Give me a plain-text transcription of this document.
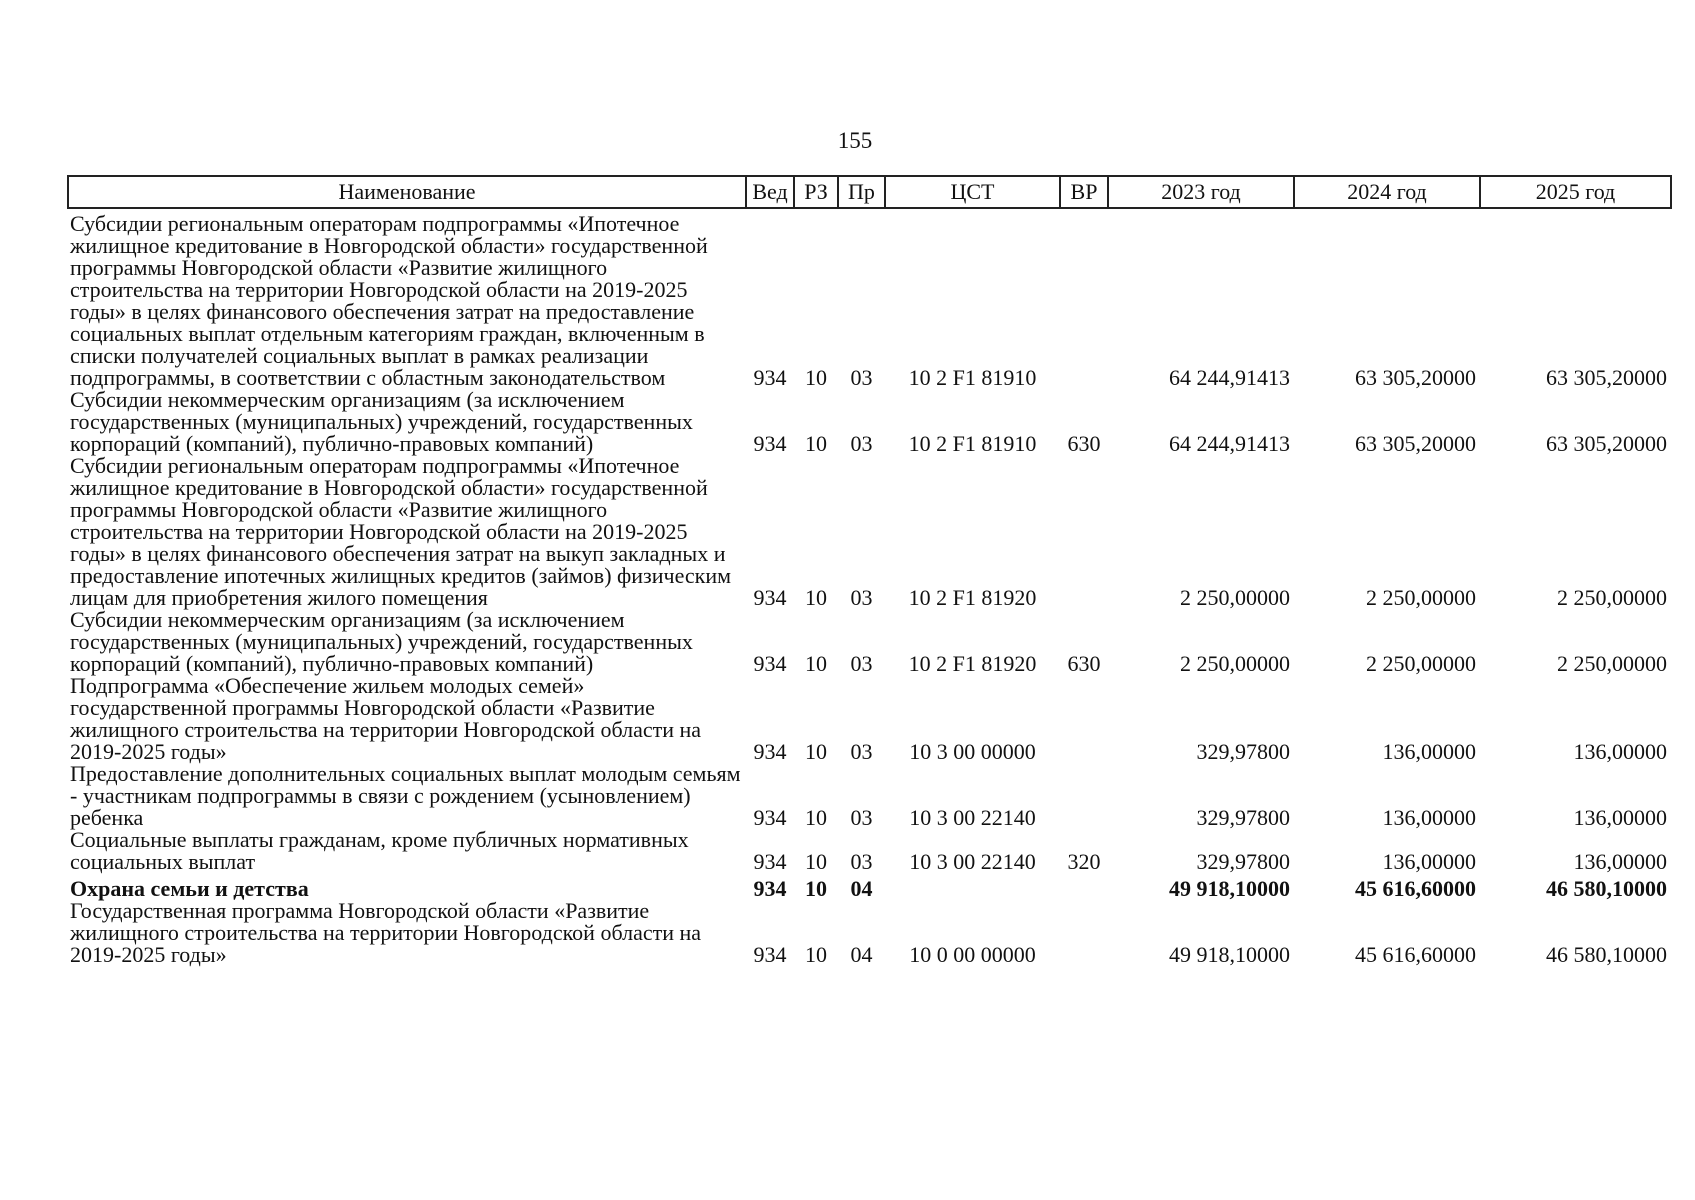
155
Наименование	Вед	РЗ	Пр	ЦСТ	ВР	2023 год	2024 год	2025 год
Субсидии региональным операторам подпрограммы «Ипотечное жилищное кредитование в Новгородской области» государственной программы Новгородской области «Развитие жилищного строительства на территории Новгородской области на 2019-2025 годы» в целях финансового обеспечения затрат на предоставление социальных выплат отдельным категориям граждан, включенным в списки получателей социальных выплат в рамках реализации подпрограммы, в соответствии с областным законодательством	934	10	03	10 2 F1 81910		64 244,91413	63 305,20000	63 305,20000
Субсидии некоммерческим организациям (за исключением государственных (муниципальных) учреждений, государственных корпораций (компаний), публично-правовых компаний)	934	10	03	10 2 F1 81910	630	64 244,91413	63 305,20000	63 305,20000
Субсидии региональным операторам подпрограммы «Ипотечное жилищное кредитование в Новгородской области» государственной программы Новгородской области «Развитие жилищного строительства на территории Новгородской области на 2019-2025 годы» в целях финансового обеспечения затрат на выкуп закладных и предоставление ипотечных жилищных кредитов (займов) физическим лицам для приобретения жилого помещения	934	10	03	10 2 F1 81920		2 250,00000	2 250,00000	2 250,00000
Субсидии некоммерческим организациям (за исключением государственных (муниципальных) учреждений, государственных корпораций (компаний), публично-правовых компаний)	934	10	03	10 2 F1 81920	630	2 250,00000	2 250,00000	2 250,00000
Подпрограмма «Обеспечение жильем молодых семей» государственной программы Новгородской области «Развитие жилищного строительства на территории Новгородской области на 2019-2025 годы»	934	10	03	10 3 00 00000		329,97800	136,00000	136,00000
Предоставление дополнительных социальных выплат молодым семьям - участникам подпрограммы в связи с рождением (усыновлением) ребенка	934	10	03	10 3 00 22140		329,97800	136,00000	136,00000
Социальные выплаты гражданам, кроме публичных нормативных социальных выплат	934	10	03	10 3 00 22140	320	329,97800	136,00000	136,00000
Охрана семьи и детства	934	10	04			49 918,10000	45 616,60000	46 580,10000
Государственная программа Новгородской области «Развитие жилищного строительства на территории Новгородской области на 2019-2025 годы»	934	10	04	10 0 00 00000		49 918,10000	45 616,60000	46 580,10000
